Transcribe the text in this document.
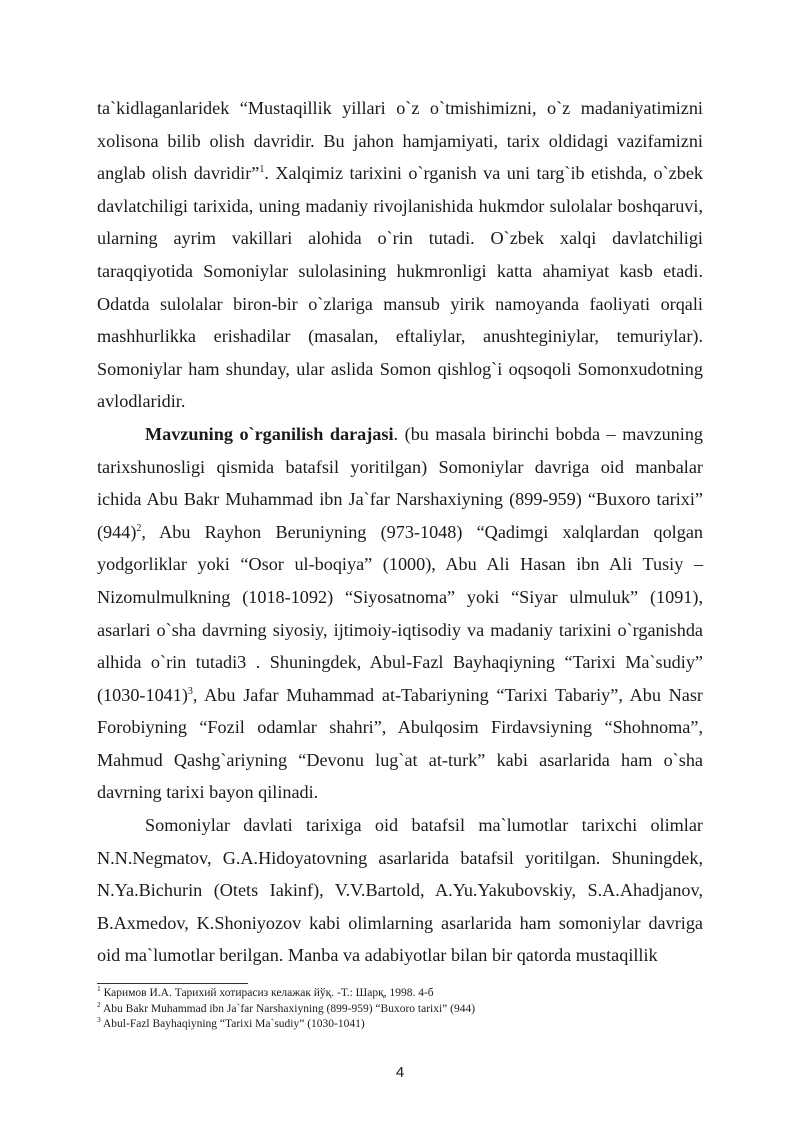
ta`kidlaganlaridek “Mustaqillik yillari o`z o`tmishimizni, o`z madaniyatimizni xolisona bilib olish davridir. Bu jahon hamjamiyati, tarix oldidagi vazifamizni anglab olish davridir”$^1$. Xalqimiz tarixini o`rganish va uni targ`ib etishda, o`zbek davlatchiligi tarixida, uning madaniy rivojlanishida hukmdor sulolalar boshqaruvi, ularning ayrim vakillari alohida o`rin tutadi. O`zbek xalqi davlatchiligi taraqqiyotida Somoniylar sulolasining hukmronligi katta ahamiyat kasb etadi. Odatda sulolalar biron-bir o`zlariga mansub yirik namoyanda faoliyati orqali mashhurlikka erishadilar (masalan, eftaliylar, anushteginiylar, temuriylar). Somoniylar ham shunday, ular aslida Somon qishlog`i oqsoqoli Somonxudotning avlodlaridir.

Mavzuning o`rganilish darajasi. (bu masala birinchi bobda – mavzuning tarixshunosligi qismida batafsil yoritilgan) Somoniylar davriga oid manbalar ichida Abu Bakr Muhammad ibn Ja`far Narshaxiyning (899-959) “Buxoro tarixi” (944)$^2$, Abu Rayhon Beruniyning (973-1048) “Qadimgi xalqlardan qolgan yodgorliklar yoki “Osor ul-boqiya” (1000), Abu Ali Hasan ibn Ali Tusiy – Nizomulmulkning (1018-1092) “Siyosatnoma” yoki “Siyar ulmuluk” (1091), asarlari o`sha davrning siyosiy, ijtimoiy-iqtisodiy va madaniy tarixini o`rganishda alhida o`rin tutadi3 . Shuningdek, Abul-Fazl Bayhaqiyning “Tarixi Ma`sudiy” (1030-1041)$^3$, Abu Jafar Muhammad at-Tabariyning “Tarixi Tabariy”, Abu Nasr Forobiyning “Fozil odamlar shahri”, Abulqosim Firdavsiyning “Shohnoma”, Mahmud Qashg`ariyning “Devonu lug`at at-turk” kabi asarlarida ham o`sha davrning tarixi bayon qilinadi.

Somoniylar davlati tarixiga oid batafsil ma`lumotlar tarixchi olimlar N.N.Negmatov, G.A.Hidoyatovning asarlarida batafsil yoritilgan. Shuningdek, N.Ya.Bichurin (Otets Iakinf), V.V.Bartold, A.Yu.Yakubovskiy, S.A.Ahadjanov, B.Axmedov, K.Shoniyozov kabi olimlarning asarlarida ham somoniylar davriga oid ma`lumotlar berilgan. Manba va adabiyotlar bilan bir qatorda mustaqillik

$^1$ Каримов И.А. Тарихий хотирасиз келажак йўқ. -Т.: Шарқ, 1998. 4-б

$^2$ Abu Bakr Muhammad ibn Ja`far Narshaxiyning (899-959) “Buxoro tarixi” (944)

$^3$ Abul-Fazl Bayhaqiyning “Tarixi Ma`sudiy” (1030-1041)

4
